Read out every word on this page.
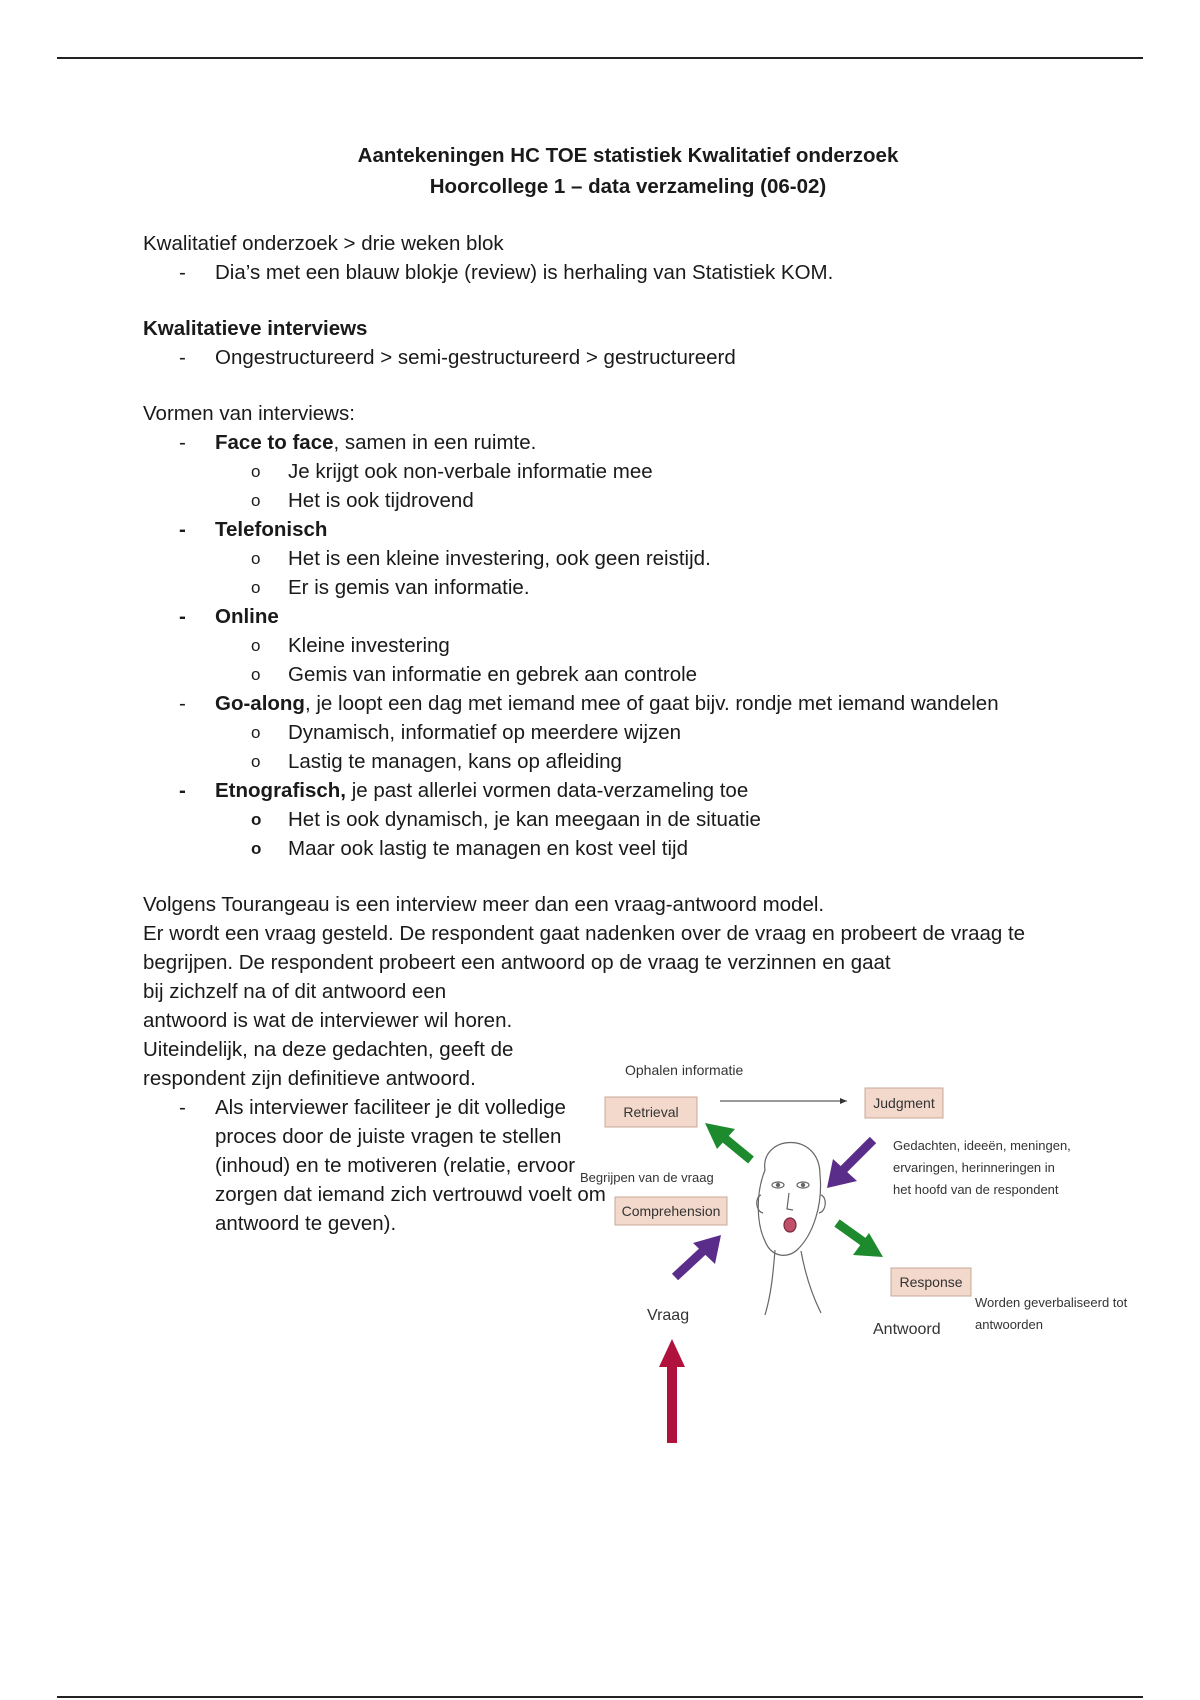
Aantekeningen HC TOE statistiek Kwalitatief onderzoek
Hoorcollege 1 – data verzameling (06-02)

Kwalitatief onderzoek > drie weken blok

- Dia’s met een blauw blokje (review) is herhaling van Statistiek KOM.

Kwalitatieve interviews

- Ongestructureerd > semi-gestructureerd > gestructureerd

Vormen van interviews:

- Face to face, samen in een ruimte.
o Je krijgt ook non-verbale informatie mee
o Het is ook tijdrovend
- Telefonisch
o Het is een kleine investering, ook geen reistijd.
o Er is gemis van informatie.
- Online
o Kleine investering
o Gemis van informatie en gebrek aan controle
- Go-along, je loopt een dag met iemand mee of gaat bijv. rondje met iemand wandelen
o Dynamisch, informatief op meerdere wijzen
o Lastig te managen, kans op afleiding
- Etnografisch, je past allerlei vormen data-verzameling toe
o Het is ook dynamisch, je kan meegaan in de situatie
o Maar ook lastig te managen en kost veel tijd

Volgens Tourangeau is een interview meer dan een vraag-antwoord model.

Er wordt een vraag gesteld. De respondent gaat nadenken over de vraag en probeert de vraag te begrijpen. De respondent probeert een antwoord op de vraag te verzinnen en gaat

bij zichzelf na of dit antwoord een antwoord is wat de interviewer wil horen. Uiteindelijk, na deze gedachten, geeft de respondent zijn definitieve antwoord.

- Als interviewer faciliteer je dit volledige proces door de juiste vragen te stellen (inhoud) en te motiveren (relatie, ervoor zorgen dat iemand zich vertrouwd voelt om antwoord te geven).
Ophalen informatie
Retrieval
Judgment
Gedachten, ideeën, meningen,
ervaringen, herinneringen in
het hoofd van de respondent
Begrijpen van de vraag
Comprehension
Response
Worden geverbaliseerd tot
antwoorden
Vraag
Antwoord
